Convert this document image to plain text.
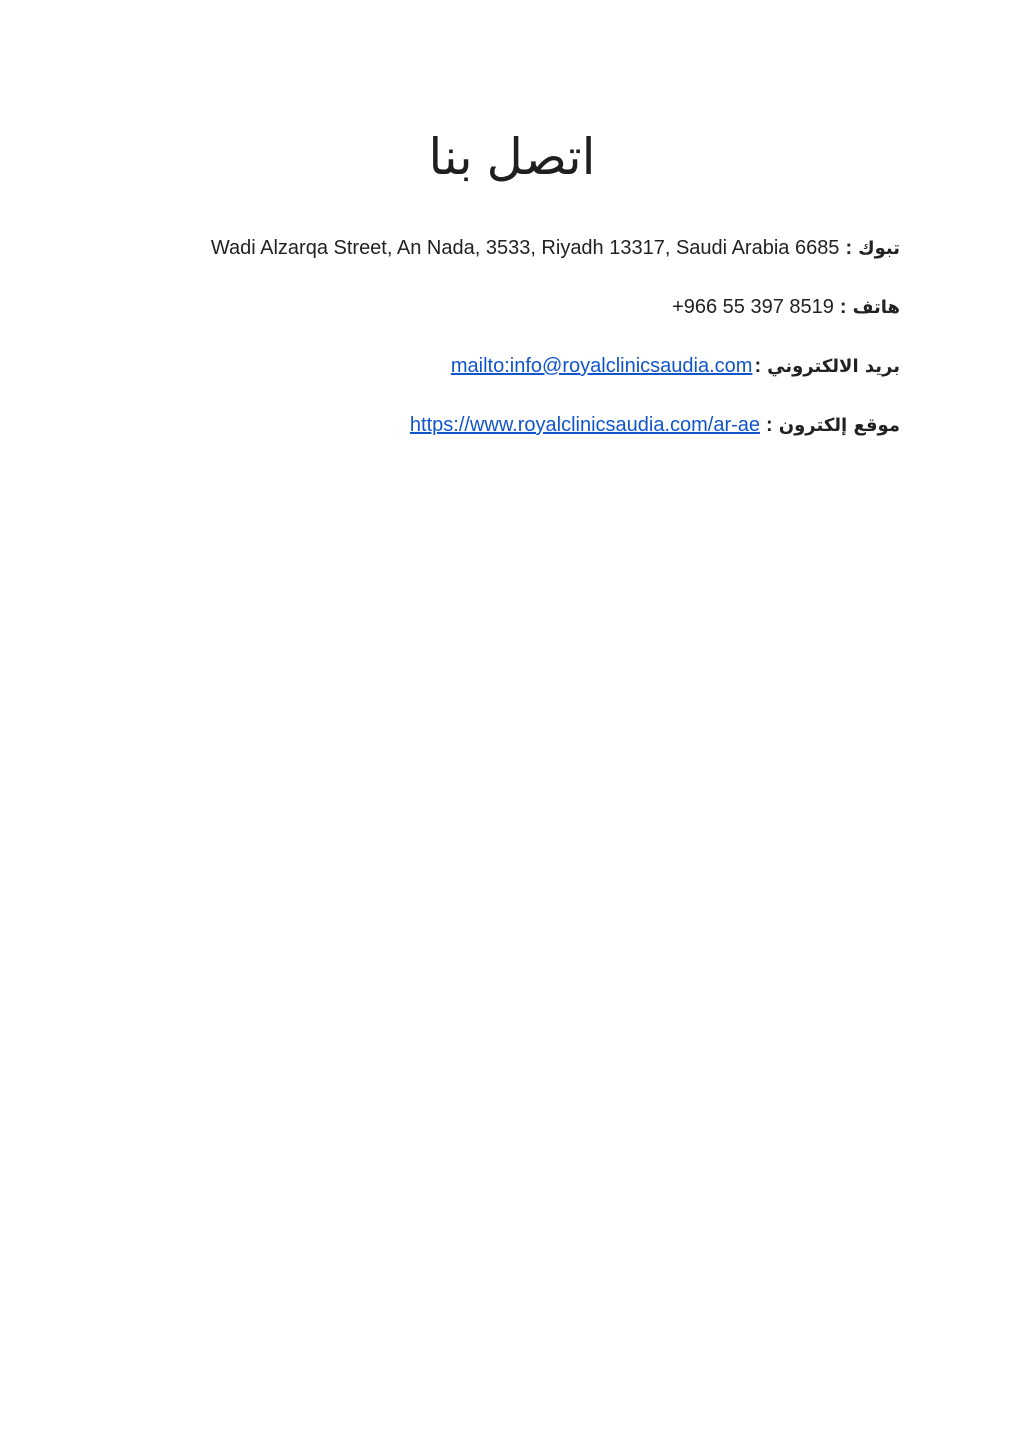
اتصل بنا
تبوك:Wadi Alzarqa Street, An Nada, 3533, Riyadh 13317, Saudi Arabia 6685
هاتف:+966 55 397 8519
بريد الالكتروني:mailto:info@royalclinicsaudia.com
موقع إلكترون:https://www.royalclinicsaudia.com/ar-ae
